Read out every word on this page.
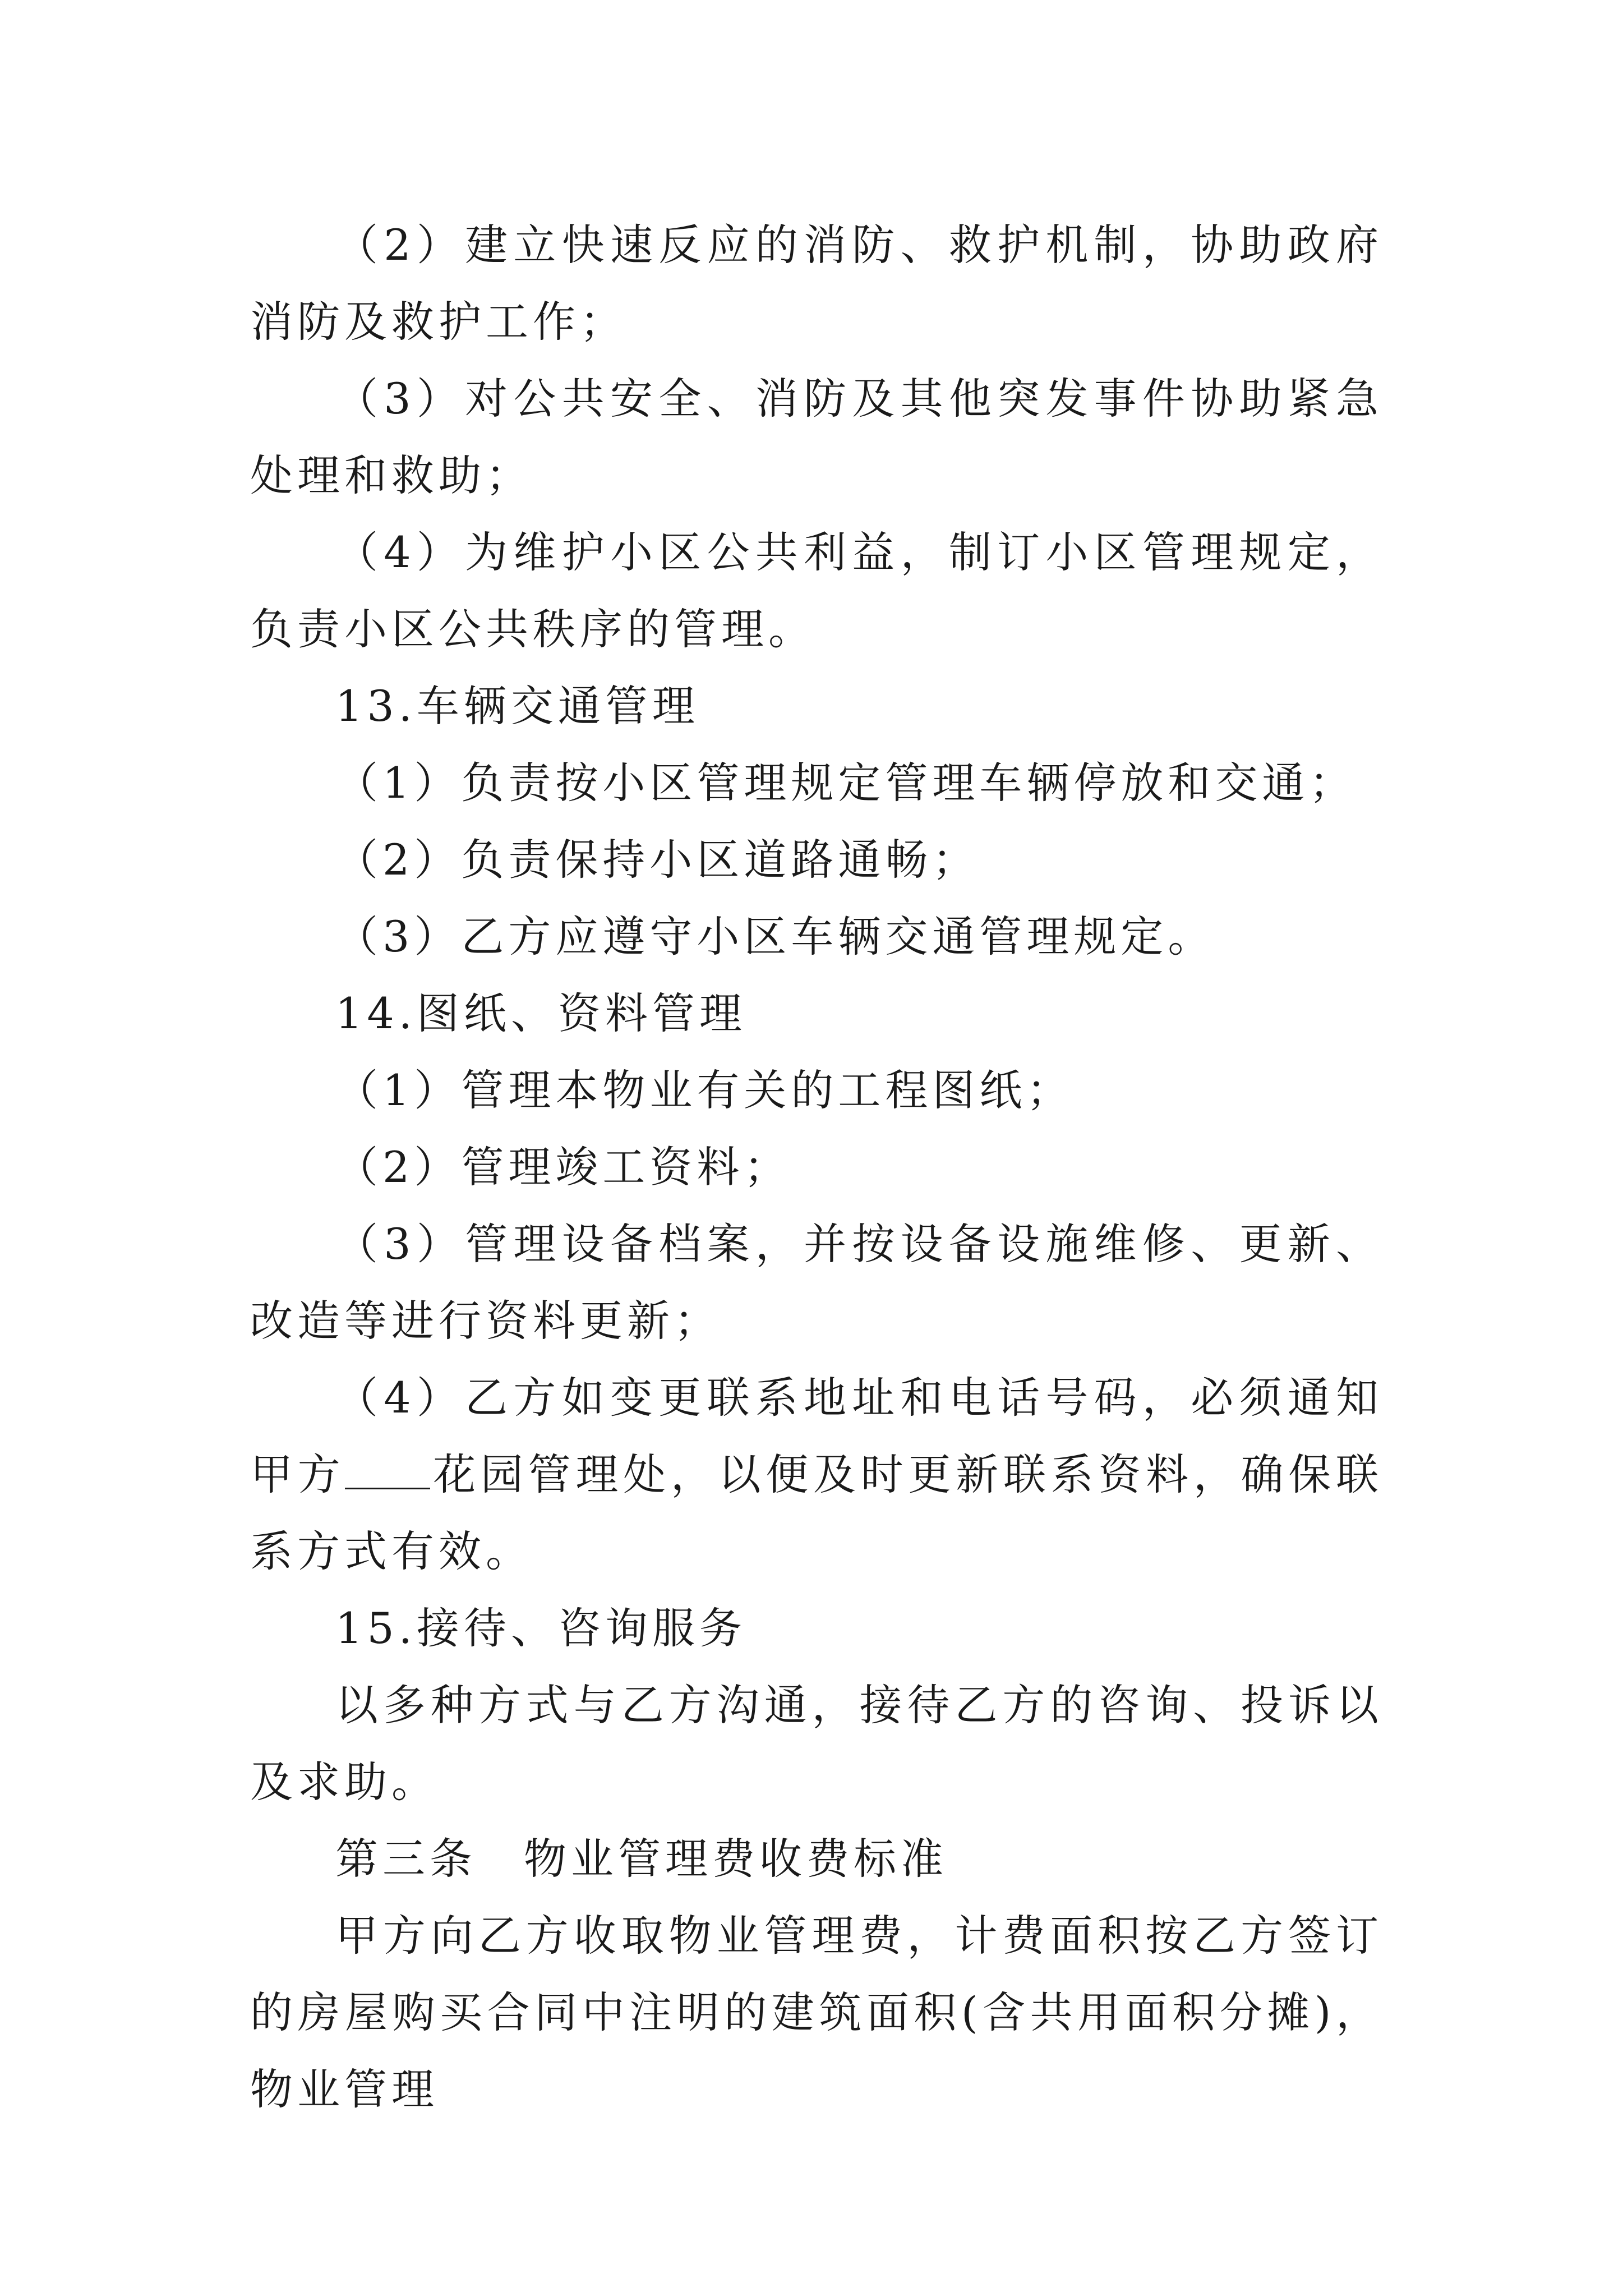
（2）建立快速反应的消防、救护机制，协助政府消防及救护工作；

（3）对公共安全、消防及其他突发事件协助紧急处理和救助；

（4）为维护小区公共利益，制订小区管理规定，负责小区公共秩序的管理。

13.车辆交通管理

（1）负责按小区管理规定管理车辆停放和交通；

（2）负责保持小区道路通畅；

（3）乙方应遵守小区车辆交通管理规定。

14.图纸、资料管理

（1）管理本物业有关的工程图纸；

（2）管理竣工资料；

（3）管理设备档案，并按设备设施维修、更新、改造等进行资料更新；

（4）乙方如变更联系地址和电话号码，必须通知甲方 花园管理处，以便及时更新联系资料，确保联系方式有效。

15.接待、咨询服务

以多种方式与乙方沟通，接待乙方的咨询、投诉以及求助。

第三条　物业管理费收费标准

甲方向乙方收取物业管理费，计费面积按乙方签订的房屋购买合同中注明的建筑面积(含共用面积分摊)，物业管理
